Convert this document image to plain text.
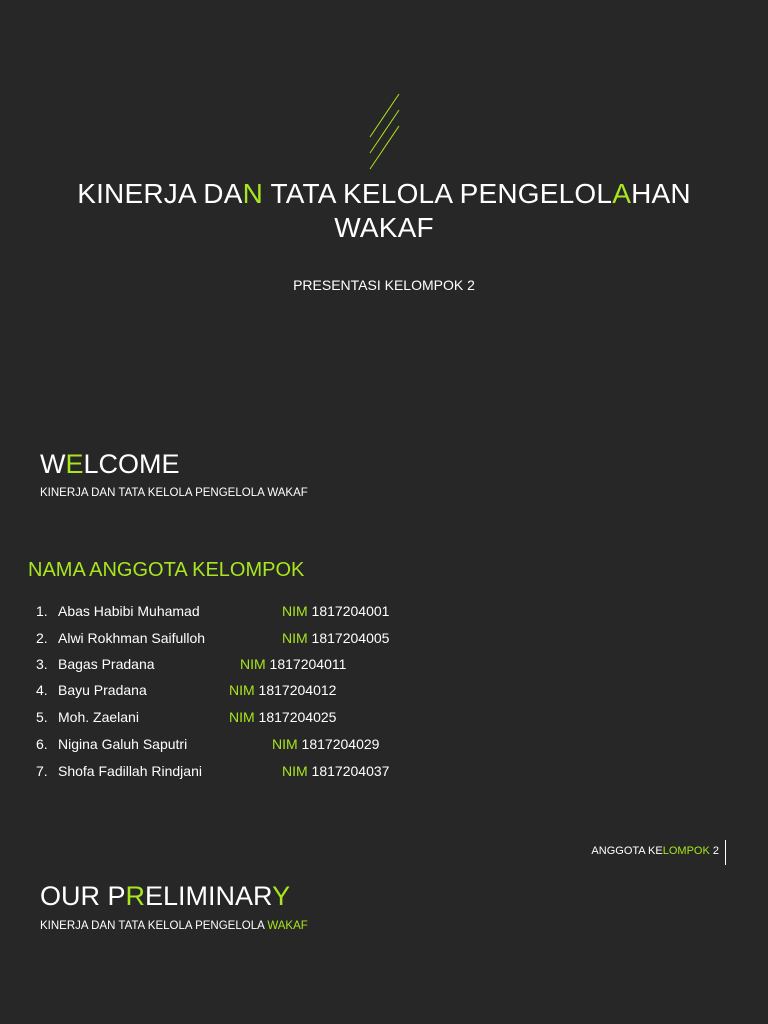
KINERJA DAN TATA KELOLA PENGELOLAHAN WAKAF
PRESENTASI KELOMPOK 2
WELCOME
KINERJA DAN TATA KELOLA PENGELOLA WAKAF
NAMA ANGGOTA KELOMPOK
1. Abas Habibi Muhamad	NIM 1817204001
2. Alwi Rokhman Saifulloh	NIM 1817204005
3. Bagas Pradana	NIM 1817204011
4. Bayu Pradana	NIM 1817204012
5. Moh. Zaelani	NIM 1817204025
6. Nigina Galuh Saputri	NIM 1817204029
7. Shofa Fadillah Rindjani	NIM 1817204037
ANGGOTA KELOMPOK 2
OUR PRELIMINARY
KINERJA DAN TATA KELOLA PENGELOLA WAKAF
